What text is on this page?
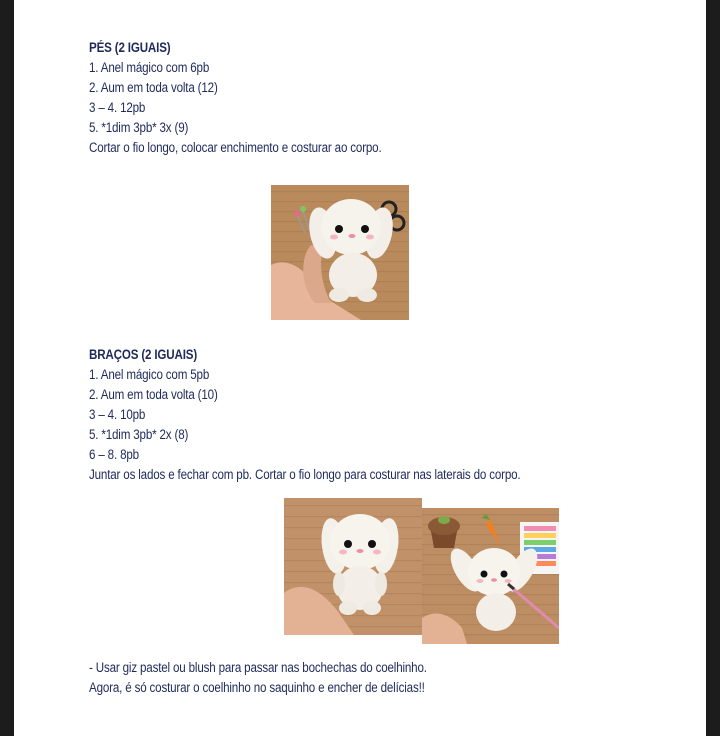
PÉS (2 IGUAIS)
1. Anel mágico com 6pb
2. Aum em toda volta (12)
3 – 4. 12pb
5. *1dim 3pb* 3x (9)
Cortar o fio longo, colocar enchimento e costurar ao corpo.
BRAÇOS (2 IGUAIS)
1. Anel mágico com 5pb
2. Aum em toda volta (10)
3 – 4. 10pb
5. *1dim 3pb* 2x (8)
6 – 8. 8pb
Juntar os lados e fechar com pb. Cortar o fio longo para costurar nas laterais do corpo.
- Usar giz pastel ou blush para passar nas bochechas do coelhinho.
Agora, é só costurar o coelhinho no saquinho e encher de delícias!!
